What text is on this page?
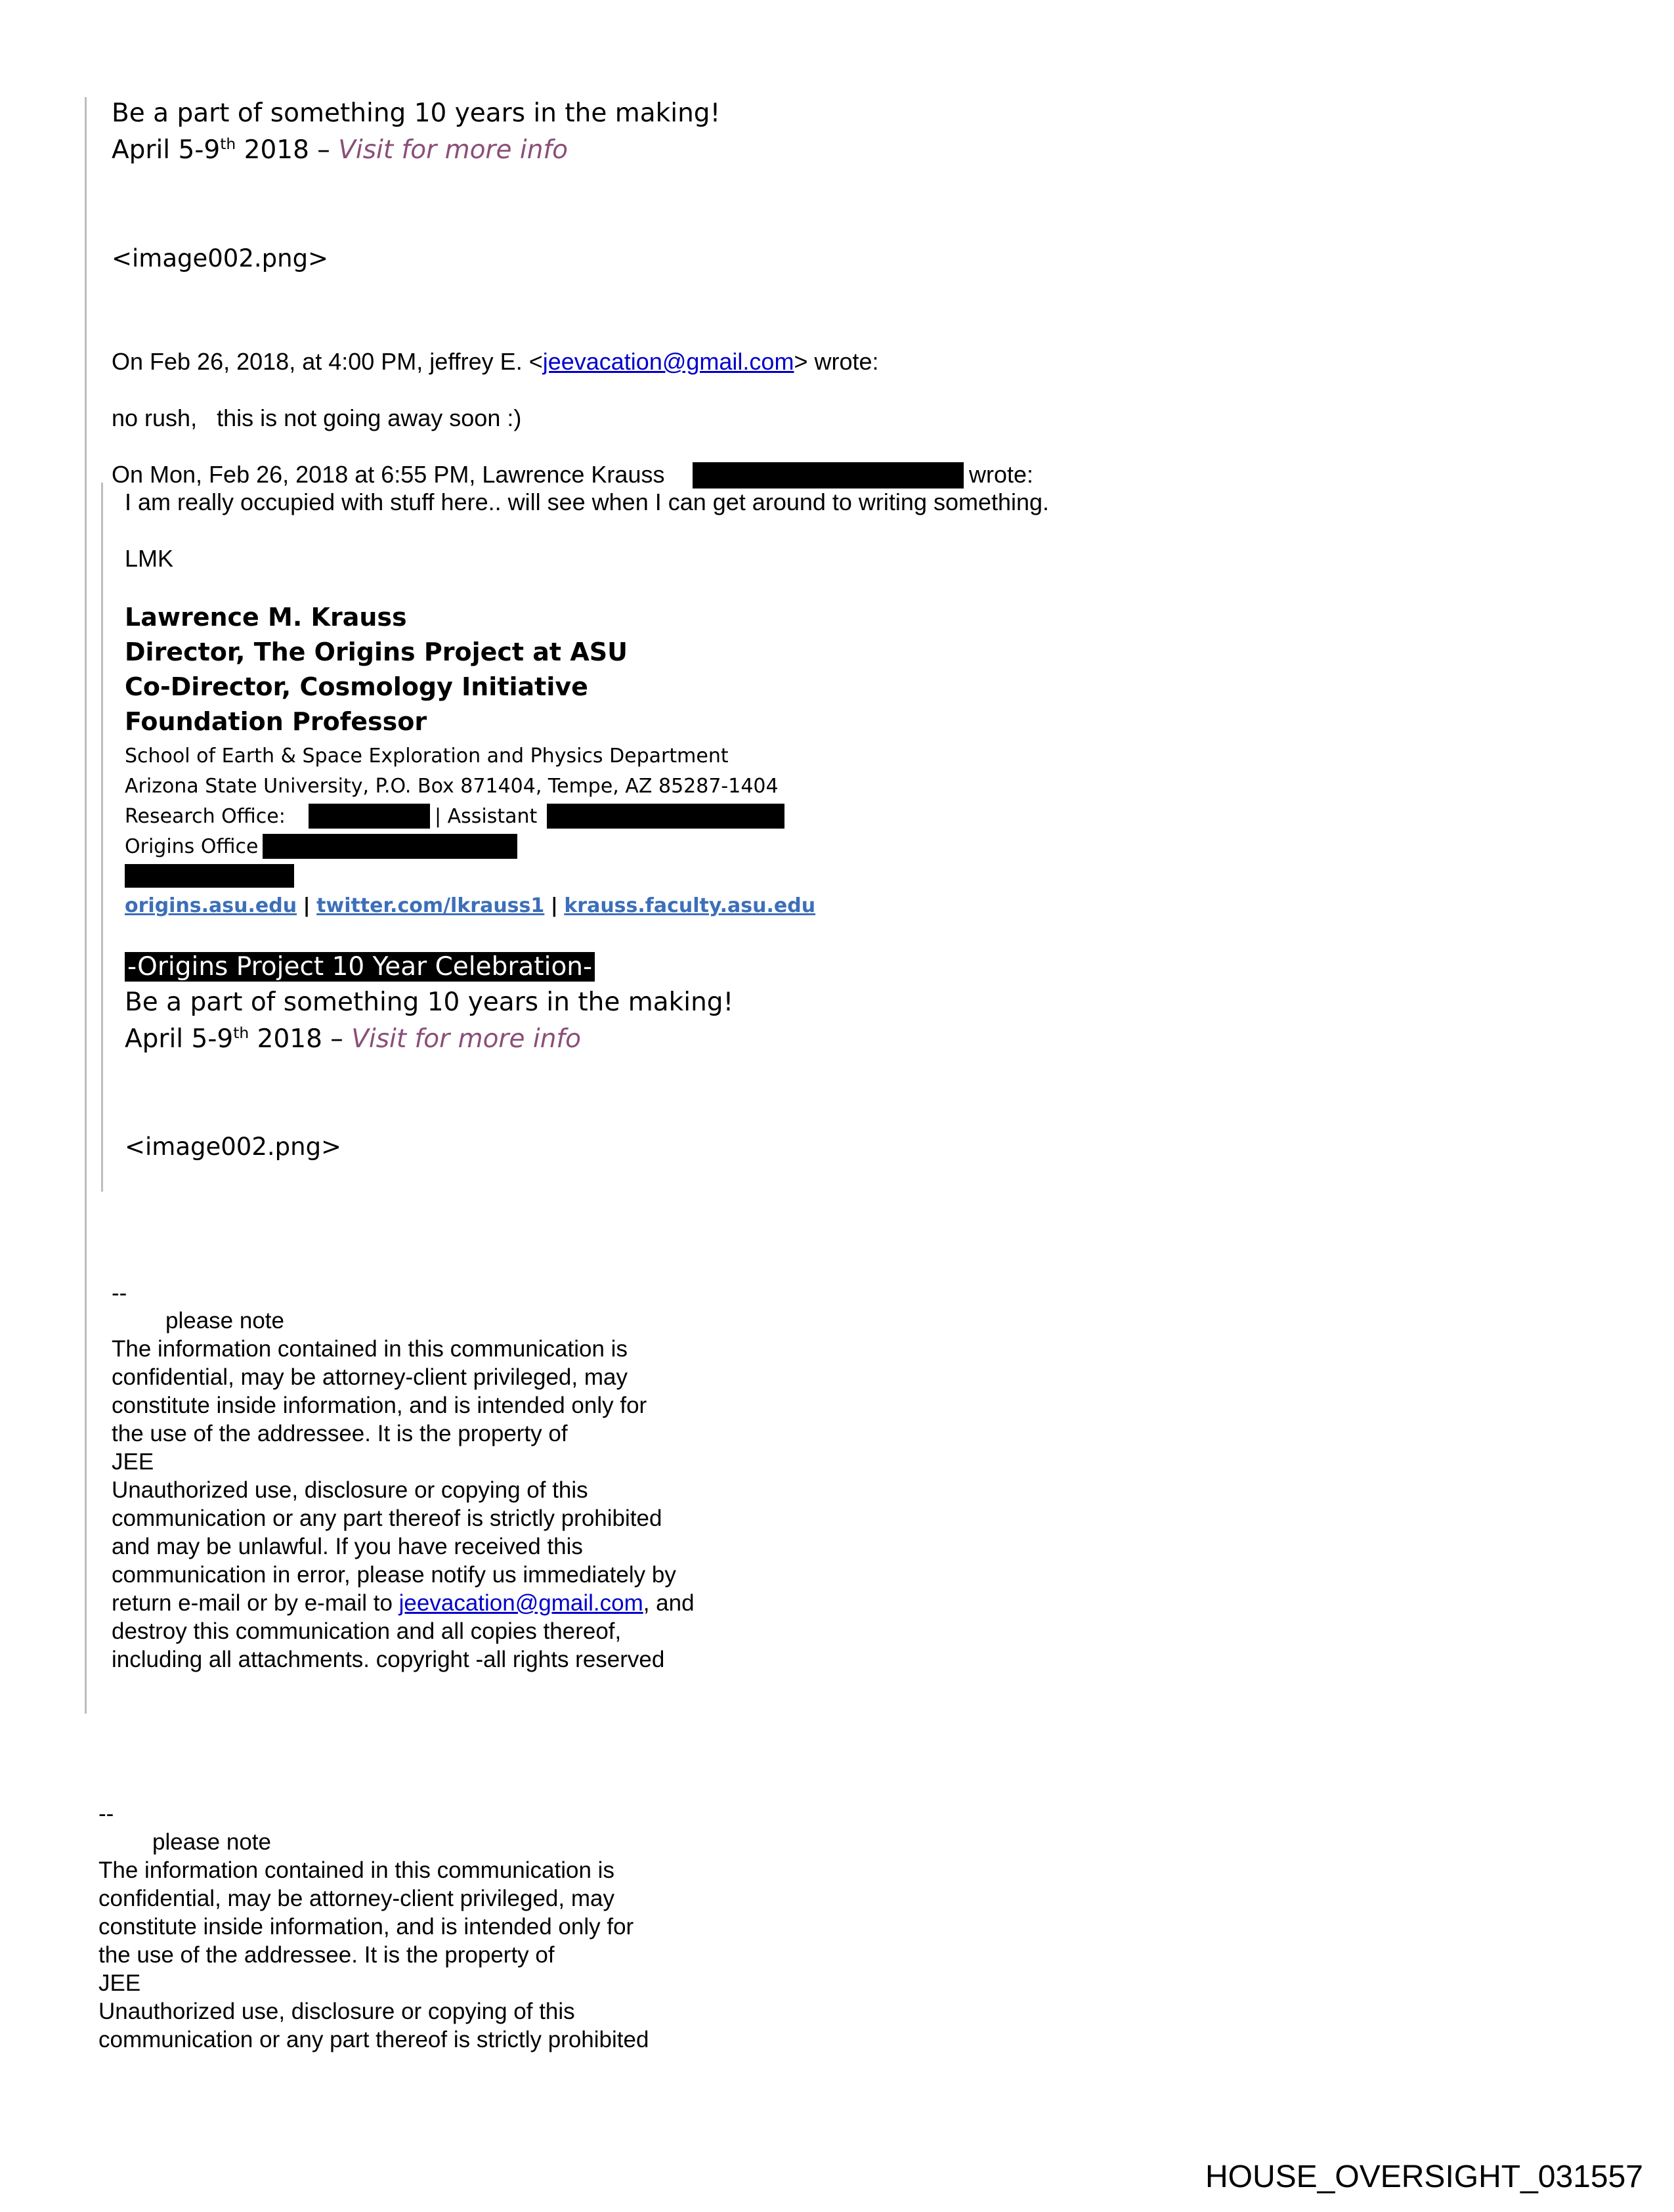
Be a part of something 10 years in the making!
April 5-9th 2018 – Visit for more info
<image002.png>
On Feb 26, 2018, at 4:00 PM, jeffrey E. <jeevacation@gmail.com> wrote:
no rush,   this is not going away soon :)
On Mon, Feb 26, 2018 at 6:55 PM, Lawrence Krauss	wrote:
I am really occupied with stuff here.. will see when I can get around to writing something.
LMK
Lawrence M. Krauss
Director, The Origins Project at ASU
Co-Director, Cosmology Initiative
Foundation Professor
School of Earth & Space Exploration and Physics Department
Arizona State University, P.O. Box 871404, Tempe, AZ 85287-1404
Research Office:	| Assistant
Origins Office
origins.asu.edu | twitter.com/lkrauss1 | krauss.faculty.asu.edu
-Origins Project 10 Year Celebration-
Be a part of something 10 years in the making!
April 5-9th 2018 – Visit for more info
<image002.png>
--
please note
The information contained in this communication is
confidential, may be attorney-client privileged, may
constitute inside information, and is intended only for
the use of the addressee. It is the property of
JEE
Unauthorized use, disclosure or copying of this
communication or any part thereof is strictly prohibited
and may be unlawful. If you have received this
communication in error, please notify us immediately by
return e-mail or by e-mail to jeevacation@gmail.com, and
destroy this communication and all copies thereof,
including all attachments. copyright -all rights reserved
--
please note
The information contained in this communication is
confidential, may be attorney-client privileged, may
constitute inside information, and is intended only for
the use of the addressee. It is the property of
JEE
Unauthorized use, disclosure or copying of this
communication or any part thereof is strictly prohibited
HOUSE_OVERSIGHT_031557
